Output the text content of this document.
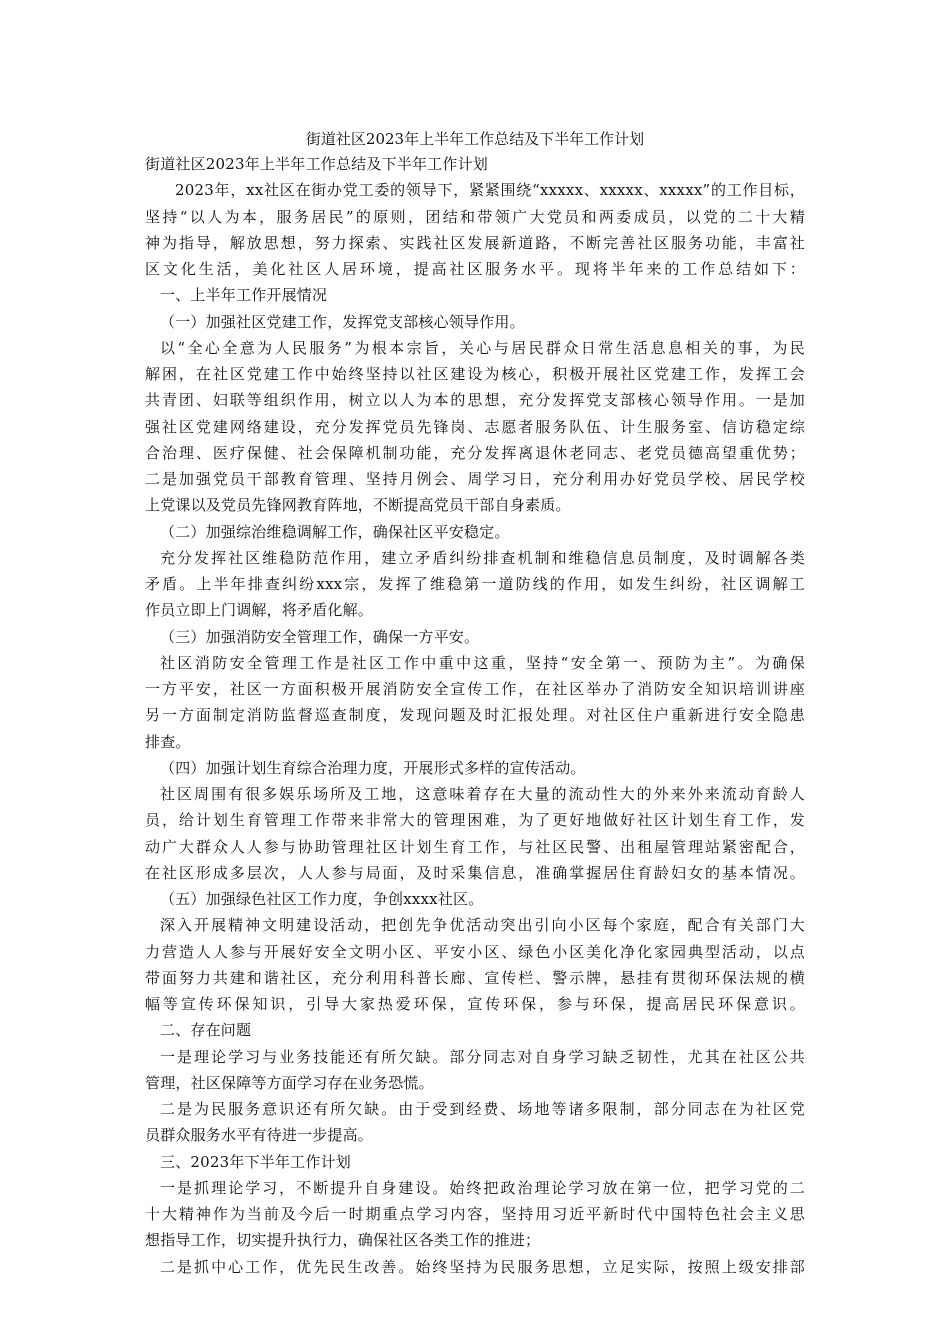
街道社区2023年上半年工作总结及下半年工作计划
街道社区2023年上半年工作总结及下半年工作计划
2023年，xx社区在街办党工委的领导下，紧紧围绕“xxxxx、xxxxx、xxxxx”的工作目标，
坚持“以人为本，服务居民”的原则，团结和带领广大党员和两委成员，以党的二十大精
神为指导，解放思想，努力探索、实践社区发展新道路，不断完善社区服务功能，丰富社
区文化生活，美化社区人居环境，提高社区服务水平。现将半年来的工作总结如下：
一、上半年工作开展情况
（一）加强社区党建工作，发挥党支部核心领导作用。
以“全心全意为人民服务”为根本宗旨，关心与居民群众日常生活息息相关的事，为民
解困，在社区党建工作中始终坚持以社区建设为核心，积极开展社区党建工作，发挥工会
共青团、妇联等组织作用，树立以人为本的思想，充分发挥党支部核心领导作用。一是加
强社区党建网络建设，充分发挥党员先锋岗、志愿者服务队伍、计生服务室、信访稳定综
合治理、医疗保健、社会保障机制功能，充分发挥离退休老同志、老党员德高望重优势；
二是加强党员干部教育管理、坚持月例会、周学习日，充分利用办好党员学校、居民学校
上党课以及党员先锋网教育阵地，不断提高党员干部自身素质。
（二）加强综治维稳调解工作，确保社区平安稳定。
充分发挥社区维稳防范作用，建立矛盾纠纷排查机制和维稳信息员制度，及时调解各类
矛盾。上半年排查纠纷xxx宗，发挥了维稳第一道防线的作用，如发生纠纷，社区调解工
作员立即上门调解，将矛盾化解。
（三）加强消防安全管理工作，确保一方平安。
社区消防安全管理工作是社区工作中重中这重，坚持“安全第一、预防为主”。为确保
一方平安，社区一方面积极开展消防安全宣传工作，在社区举办了消防安全知识培训讲座
另一方面制定消防监督巡查制度，发现问题及时汇报处理。对社区住户重新进行安全隐患
排查。
（四）加强计划生育综合治理力度，开展形式多样的宣传活动。
社区周围有很多娱乐场所及工地，这意味着存在大量的流动性大的外来外来流动育龄人
员，给计划生育管理工作带来非常大的管理困难，为了更好地做好社区计划生育工作，发
动广大群众人人参与协助管理社区计划生育工作，与社区民警、出租屋管理站紧密配合，
在社区形成多层次，人人参与局面，及时采集信息，准确掌握居住育龄妇女的基本情况。
（五）加强绿色社区工作力度，争创xxxx社区。
深入开展精神文明建设活动，把创先争优活动突出引向小区每个家庭，配合有关部门大
力营造人人参与开展好安全文明小区、平安小区、绿色小区美化净化家园典型活动，以点
带面努力共建和谐社区，充分利用科普长廊、宣传栏、警示牌，悬挂有贯彻环保法规的横
幅等宣传环保知识，引导大家热爱环保，宣传环保，参与环保，提高居民环保意识。
二、存在问题
一是理论学习与业务技能还有所欠缺。部分同志对自身学习缺乏韧性，尤其在社区公共
管理，社区保障等方面学习存在业务恐慌。
二是为民服务意识还有所欠缺。由于受到经费、场地等诸多限制，部分同志在为社区党
员群众服务水平有待进一步提高。
三、2023年下半年工作计划
一是抓理论学习，不断提升自身建设。始终把政治理论学习放在第一位，把学习党的二
十大精神作为当前及今后一时期重点学习内容，坚持用习近平新时代中国特色社会主义思
想指导工作，切实提升执行力，确保社区各类工作的推进；
二是抓中心工作，优先民生改善。始终坚持为民服务思想，立足实际，按照上级安排部
